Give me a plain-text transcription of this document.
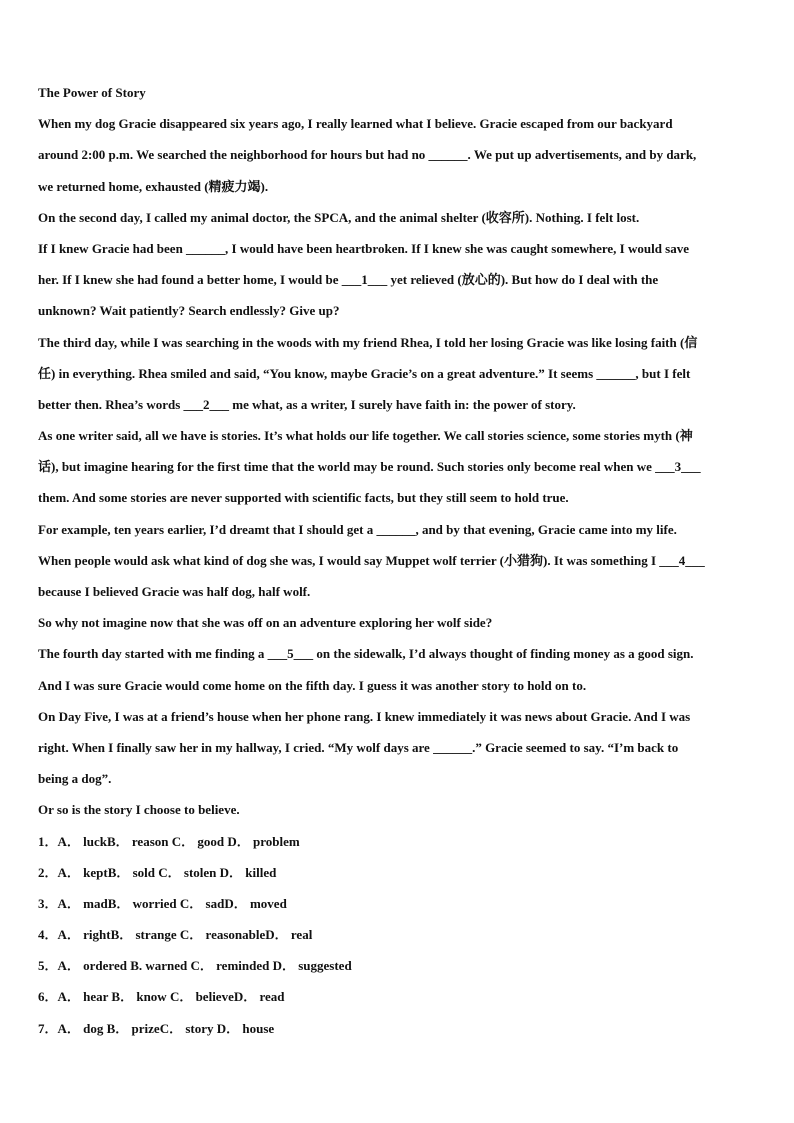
The Power of Story
When my dog Gracie disappeared six years ago, I really learned what I believe. Gracie escaped from our backyard
around 2:00 p.m. We searched the neighborhood for hours but had no ______. We put up advertisements, and by dark,
we returned home, exhausted (精疲力竭).
On the second day, I called my animal doctor, the SPCA, and the animal shelter (收容所). Nothing. I felt lost.
If I knew Gracie had been ______, I would have been heartbroken. If I knew she was caught somewhere, I would save
her. If I knew she had found a better home, I would be ___1___ yet relieved (放心的). But how do I deal with the
unknown? Wait patiently? Search endlessly? Give up?
The third day, while I was searching in the woods with my friend Rhea, I told her losing Gracie was like losing faith (信
任) in everything. Rhea smiled and said, “You know, maybe Gracie’s on a great adventure.” It seems ______, but I felt
better then. Rhea’s words ___2___ me what, as a writer, I surely have faith in: the power of story.
As one writer said, all we have is stories. It’s what holds our life together. We call stories science, some stories myth (神
话), but imagine hearing for the first time that the world may be round. Such stories only become real when we ___3___
them. And some stories are never supported with scientific facts, but they still seem to hold true.
For example, ten years earlier, I’d dreamt that I should get a ______, and by that evening, Gracie came into my life.
When people would ask what kind of dog she was, I would say Muppet wolf terrier (小猎狗). It was something I ___4___
because I believed Gracie was half dog, half wolf.
So why not imagine now that she was off on an adventure exploring her wolf side?
The fourth day started with me finding a ___5___ on the sidewalk, I’d always thought of finding money as a good sign.
And I was sure Gracie would come home on the fifth day. I guess it was another story to hold on to.
On Day Five, I was at a friend’s house when her phone rang. I knew immediately it was news about Gracie. And I was
right. When I finally saw her in my hallway, I cried. “My wolf days are ______.” Gracie seemed to say. “I’m back to
being a dog”.
Or so is the story I choose to believe.
1．A． luckB． reason C． good D． problem
2．A． keptB． sold C． stolen D． killed
3．A． madB． worried C． sadD． moved
4．A． rightB． strange C． reasonableD． real
5．A． ordered B. warned C． reminded D． suggested
6．A． hear B． know C． believeD． read
7．A． dog B． prizeC． story D． house
